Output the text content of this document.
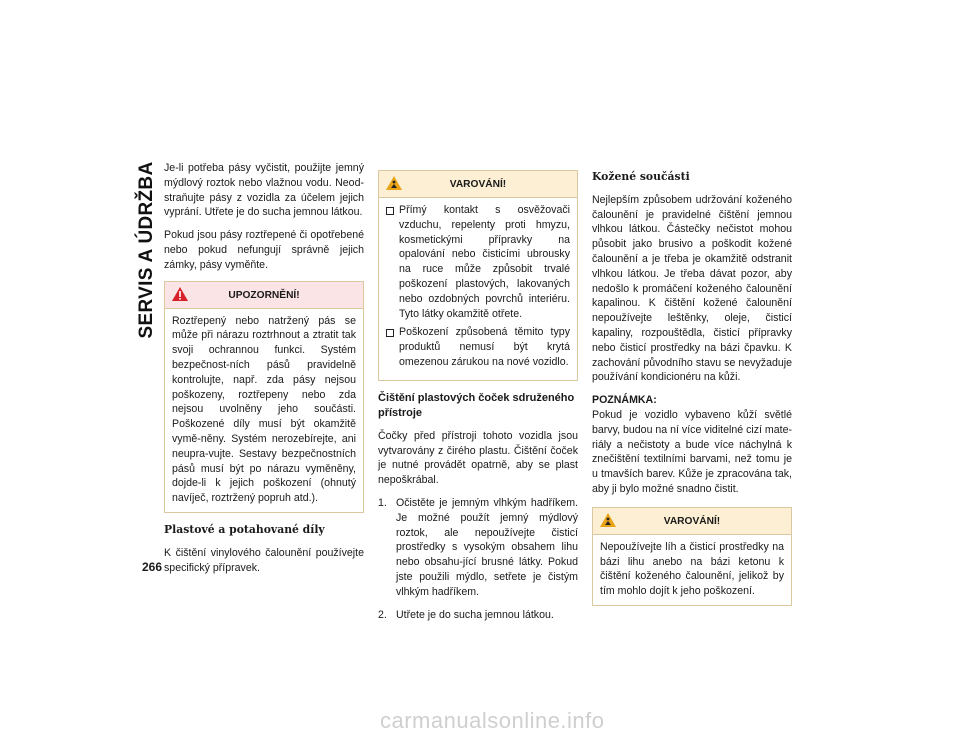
SERVIS A ÚDRŽBA
266

Je-li potřeba pásy vyčistit, použijte jemný mýdlový roztok nebo vlažnou vodu. Neod-straňujte pásy z vozidla za účelem jejich vyprání. Utřete je do sucha jemnou látkou.

Pokud jsou pásy roztřepené či opotřebené nebo pokud nefungují správně jejich zámky, pásy vyměňte.

UPOZORNĚNÍ!

Roztřepený nebo natržený pás se může při nárazu roztrhnout a ztratit tak svoji ochrannou funkci. Systém bezpečnost-ních pásů pravidelně kontrolujte, např. zda pásy nejsou poškozeny, roztřepeny nebo zda nejsou uvolněny jeho součásti. Poškozené díly musí být okamžitě vymě-něny. Systém nerozebírejte, ani neupra-vujte. Sestavy bezpečnostních pásů musí být po nárazu vyměněny, dojde-li k jejich poškození (ohnutý navíječ, roztržený popruh atd.).

Plastové a potahované díly

K čištění vinylového čalounění používejte specifický přípravek.

VAROVÁNÍ!
Přímý kontakt s osvěžovači vzduchu, repelenty proti hmyzu, kosmetickými přípravky na opalování nebo čisticími ubrousky na ruce může způsobit trvalé poškození plastových, lakovaných nebo ozdobných povrchů interiéru. Tyto látky okamžitě otřete.
Poškození způsobená těmito typy produktů nemusí být krytá omezenou zárukou na nové vozidlo.
Čištění plastových čoček sdruženého přístroje

Čočky před přístroji tohoto vozidla jsou vytvarovány z čirého plastu. Čištění čoček je nutné provádět opatrně, aby se plast nepoškrábal.

1. Očistěte je jemným vlhkým hadříkem. Je možné použít jemný mýdlový roztok, ale nepoužívejte čisticí prostředky s vysokým obsahem lihu nebo obsahu-jící brusné látky. Pokud jste použili mýdlo, setřete je čistým vlhkým hadříkem.
2. Utřete je do sucha jemnou látkou.
Kožené součásti

Nejlepším způsobem udržování koženého čalounění je pravidelné čištění jemnou vlhkou látkou. Částečky nečistot mohou působit jako brusivo a poškodit kožené čalounění a je třeba je okamžitě odstranit vlhkou látkou. Je třeba dávat pozor, aby nedošlo k promáčení koženého čalounění kapalinou. K čištění kožené čalounění nepoužívejte leštěnky, oleje, čisticí kapaliny, rozpouštědla, čisticí přípravky nebo čisticí prostředky na bázi čpavku. K zachování původního stavu se nevyžaduje používání kondicionéru na kůži.

POZNÁMKA:
Pokud je vozidlo vybaveno kůží světlé barvy, budou na ní více viditelné cizí mate-riály a nečistoty a bude více náchylná k znečištění textilními barvami, než tomu je u tmavších barev. Kůže je zpracována tak, aby ji bylo možné snadno čistit.

VAROVÁNÍ!

Nepoužívejte líh a čisticí prostředky na bázi lihu anebo na bázi ketonu k čištění koženého čalounění, jelikož by tím mohlo dojít k jeho poškození.

carmanualsonline.info
